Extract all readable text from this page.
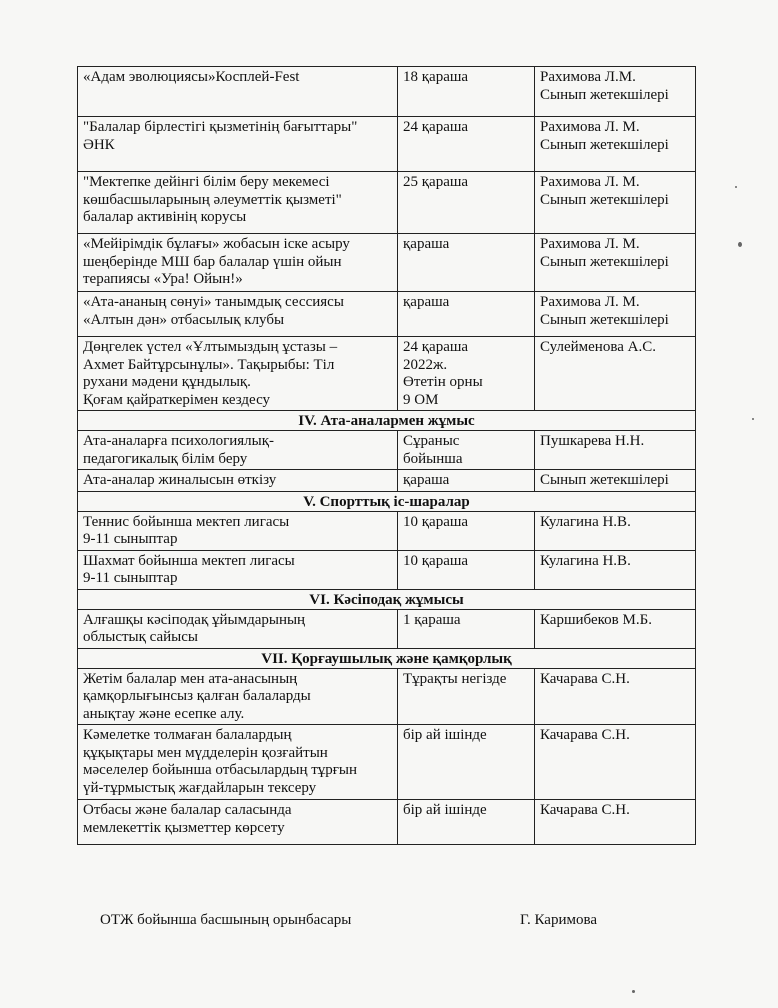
«Адам эволюциясы»Косплей-Fest	18 қараша	Рахимова Л.М.
Сынып жетекшілері
"Балалар бірлестігі қызметінің бағыттары"
ӘНК	24 қараша	Рахимова Л. М.
Сынып жетекшілері
"Мектепке дейінгі білім беру мекемесі
көшбасшыларының әлеуметтік қызметі"
балалар активінің корусы	25 қараша	Рахимова Л. М.
Сынып жетекшілері
«Мейірімдік бұлағы» жобасын іске асыру
шеңберінде МШ бар балалар үшін ойын
терапиясы «Ура! Ойын!»	қараша	Рахимова Л. М.
Сынып жетекшілері
«Ата-ананың сөнуі» танымдық сессиясы
«Алтын дән» отбасылық клубы	қараша	Рахимова Л. М.
Сынып жетекшілері
Дөңгелек үстел «Ұлтымыздың ұстазы –
Ахмет Байтұрсынұлы». Тақырыбы: Тіл
рухани мәдени құндылық.
Қоғам қайраткерімен кездесу	24 қараша
2022ж.
Өтетін орны
9 ОМ	Сулейменова А.С.
IV. Ата-аналармен жұмыс		
Ата-аналарға психологиялық-
педагогикалық білім беру	Сұраныс
бойынша	Пушкарева Н.Н.
Ата-аналар жиналысын өткізу	қараша	Сынып жетекшілері
V. Спорттық іс-шаралар		
Теннис бойынша мектеп лигасы
9-11 сыныптар	10 қараша	Кулагина Н.В.
Шахмат бойынша мектеп лигасы
9-11 сыныптар	10 қараша	Кулагина Н.В.
VI. Кәсіподақ жұмысы		
Алғашқы кәсіподақ ұйымдарының
облыстық сайысы	1 қараша	Каршибеков М.Б.
VII. Қорғаушылық және қамқорлық		
Жетім балалар мен ата-анасының
қамқорлығынсыз қалған балаларды
анықтау және есепке алу.	Тұрақты негізде	Качарава С.Н.
Кәмелетке толмаған балалардың
құқықтары мен мүдделерін қозғайтын
мәселелер бойынша отбасылардың тұрғын
үй-тұрмыстық жағдайларын тексеру	бір ай ішінде	Качарава С.Н.
Отбасы және балалар саласында
мемлекеттік қызметтер көрсету	бір ай ішінде	Качарава С.Н.
ОТЖ бойынша басшының орынбасары	Г. Каримова
